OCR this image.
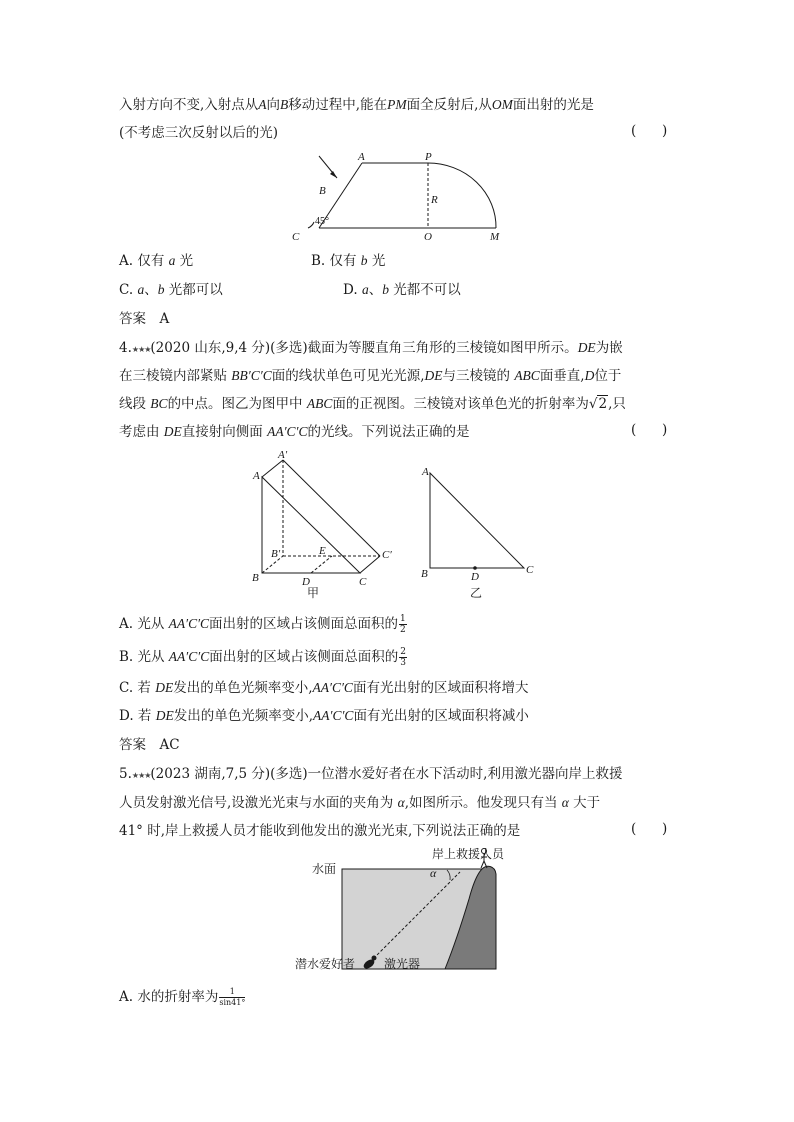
入射方向不变,入射点从A向B移动过程中,能在PM面全反射后,从OM面出射的光是
(不考虑三次反射以后的光)	(      )
A	P
B
R
45°
C	O	M
A. 仅有 a 光	B. 仅有 b 光
C. a、b 光都可以	D. a、b 光都不可以
答案　A
4.★★★(2020 山东,9,4 分)(多选)截面为等腰直角三角形的三棱镜如图甲所示。DE为嵌
在三棱镜内部紧贴 BB′C′C面的线状单色可见光光源,DE与三棱镜的 ABC面垂直,D位于
线段 BC的中点。图乙为图甲中 ABC面的正视图。三棱镜对该单色光的折射率为√2,只
考虑由 DE直接射向侧面 AA′C′C的光线。下列说法正确的是	(      )
A′
A
B′	E	C′
B	D	C
甲
A
B	D
C
乙
A. 光从 AA′C′C面出射的区域占该侧面总面积的 $\frac{1}{2}$
B. 光从 AA′C′C面出射的区域占该侧面总面积的 $\frac{2}{3}$
C. 若 DE发出的单色光频率变小,AA′C′C面有光出射的区域面积将增大
D. 若 DE发出的单色光频率变小,AA′C′C面有光出射的区域面积将减小
答案　AC
5.★★★(2023 湖南,7,5 分)(多选)一位潜水爱好者在水下活动时,利用激光器向岸上救援
人员发射激光信号,设激光光束与水面的夹角为 α,如图所示。他发现只有当 α 大于
41° 时,岸上救援人员才能收到他发出的激光光束,下列说法正确的是	(      )
岸上救援人员
水面	α
潜水爱好者 激光器
A. 水的折射率为 $\frac{1}{\sin 41^\circ}$
